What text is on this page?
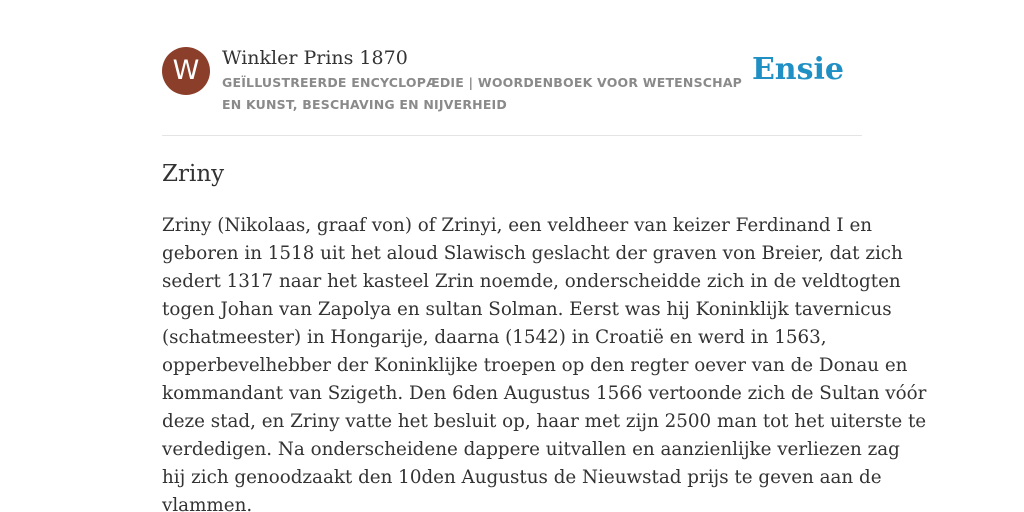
W	Winkler Prins 1870
GEÏLLUSTREERDE ENCYCLOPÆDIE | WOORDENBOEK VOOR WETENSCHAP EN KUNST, BESCHAVING EN NIJVERHEID
Ensie
Zriny
Zriny (Nikolaas, graaf von) of Zrinyi, een veldheer van keizer Ferdinand I en
geboren in 1518 uit het aloud Slawisch geslacht der graven von Breier, dat zich
sedert 1317 naar het kasteel Zrin noemde, onderscheidde zich in de veldtogten
togen Johan van Zapolya en sultan Solman. Eerst was hij Koninklijk tavernicus
(schatmeester) in Hongarije, daarna (1542) in Croatië en werd in 1563,
opperbevelhebber der Koninklijke troepen op den regter oever van de Donau en
kommandant van Szigeth. Den 6den Augustus 1566 vertoonde zich de Sultan vóór
deze stad, en Zriny vatte het besluit op, haar met zijn 2500 man tot het uiterste te
verdedigen. Na onderscheidene dappere uitvallen en aanzienlijke verliezen zag
hij zich genoodzaakt den 10den Augustus de Nieuwstad prijs te geven aan de
vlammen.
